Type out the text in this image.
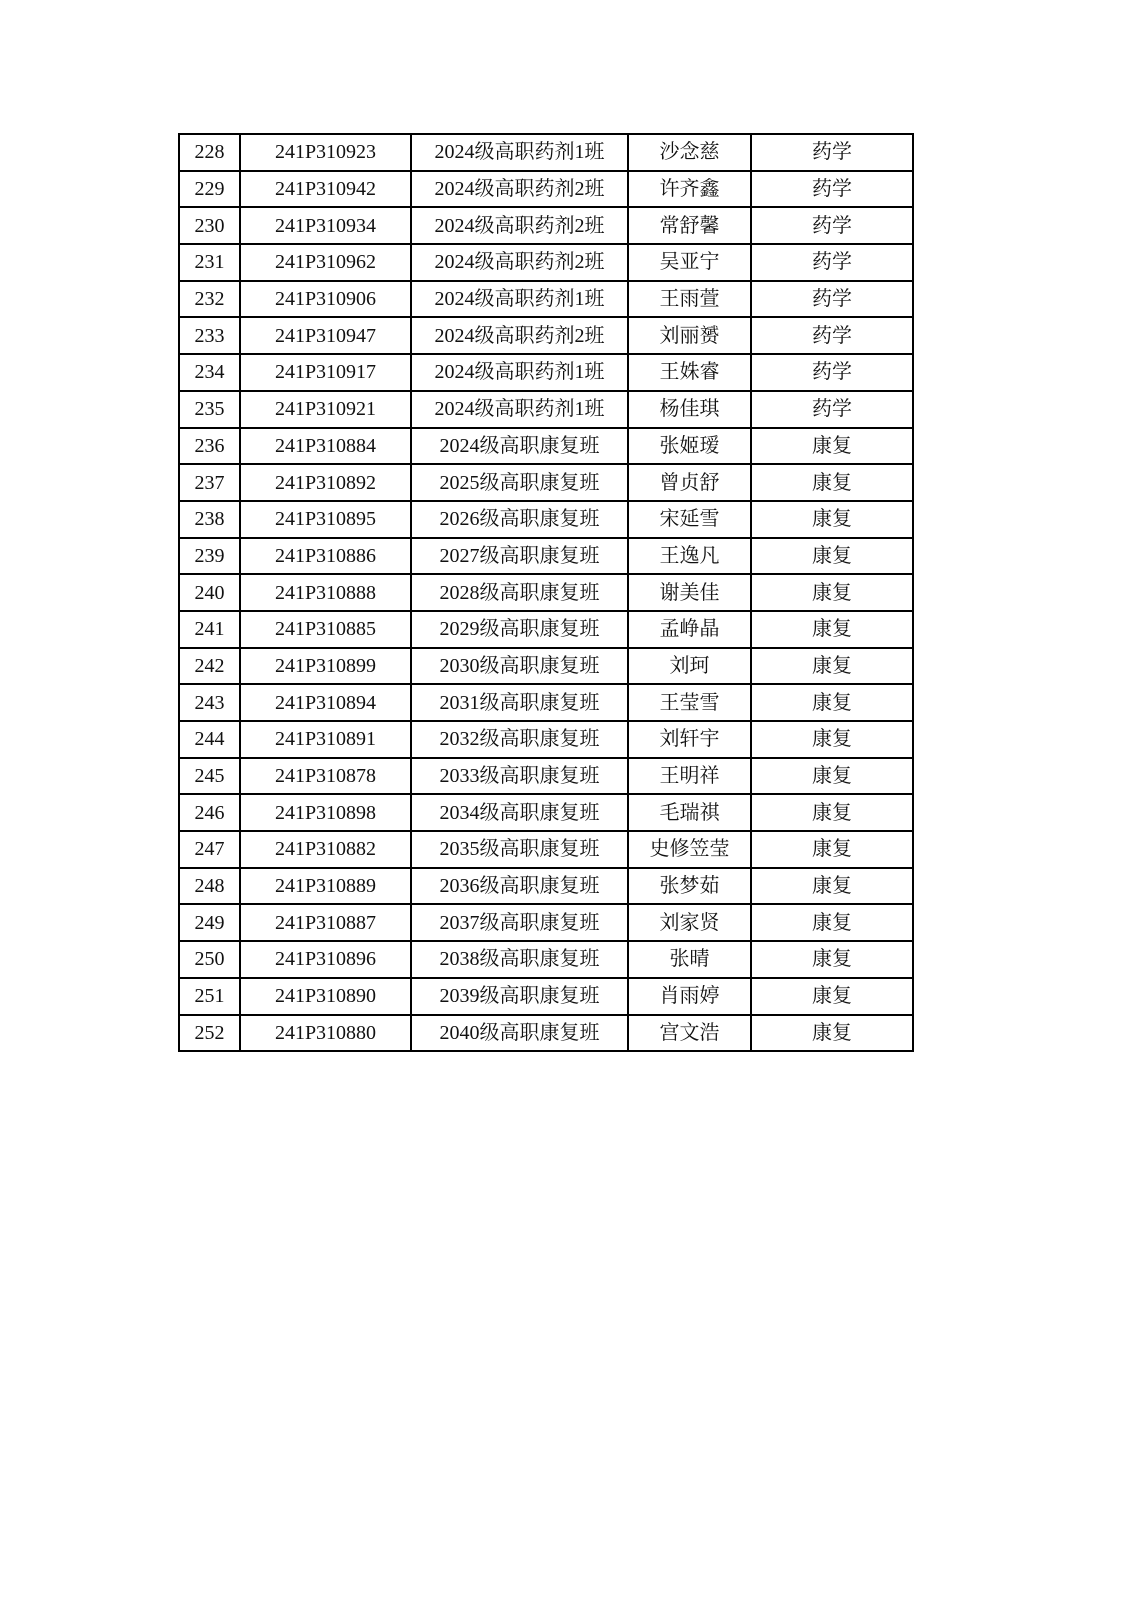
228	241P310923	2024级高职药剂1班	沙念慈	药学
229	241P310942	2024级高职药剂2班	许齐鑫	药学
230	241P310934	2024级高职药剂2班	常舒馨	药学
231	241P310962	2024级高职药剂2班	吴亚宁	药学
232	241P310906	2024级高职药剂1班	王雨萱	药学
233	241P310947	2024级高职药剂2班	刘丽赟	药学
234	241P310917	2024级高职药剂1班	王姝睿	药学
235	241P310921	2024级高职药剂1班	杨佳琪	药学
236	241P310884	2024级高职康复班	张姬瑷	康复
237	241P310892	2025级高职康复班	曾贞舒	康复
238	241P310895	2026级高职康复班	宋延雪	康复
239	241P310886	2027级高职康复班	王逸凡	康复
240	241P310888	2028级高职康复班	谢美佳	康复
241	241P310885	2029级高职康复班	孟峥晶	康复
242	241P310899	2030级高职康复班	刘珂	康复
243	241P310894	2031级高职康复班	王莹雪	康复
244	241P310891	2032级高职康复班	刘轩宇	康复
245	241P310878	2033级高职康复班	王明祥	康复
246	241P310898	2034级高职康复班	毛瑞祺	康复
247	241P310882	2035级高职康复班	史修笠莹	康复
248	241P310889	2036级高职康复班	张梦茹	康复
249	241P310887	2037级高职康复班	刘家贤	康复
250	241P310896	2038级高职康复班	张晴	康复
251	241P310890	2039级高职康复班	肖雨婷	康复
252	241P310880	2040级高职康复班	宫文浩	康复
